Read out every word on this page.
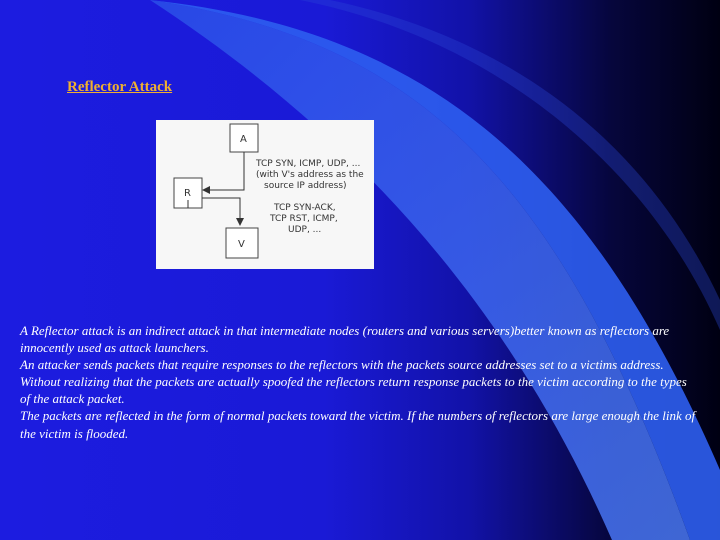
Reflector Attack
A
R
V
TCP SYN, ICMP, UDP, ... (with V's address as the source IP address)
TCP SYN-ACK, TCP RST, ICMP, UDP, ...

A Reflector attack is an indirect attack in that intermediate nodes (routers and various servers)better known as reflectors are innocently used as attack launchers.

An attacker sends packets that require responses to the reflectors with the packets source addresses set to a victims address.

Without realizing that the packets are actually spoofed the reflectors return response packets to the victim according to the types of the attack packet.

The packets are reflected in the form of normal packets toward the victim. If the numbers of reflectors are large enough the link of the victim is flooded.
